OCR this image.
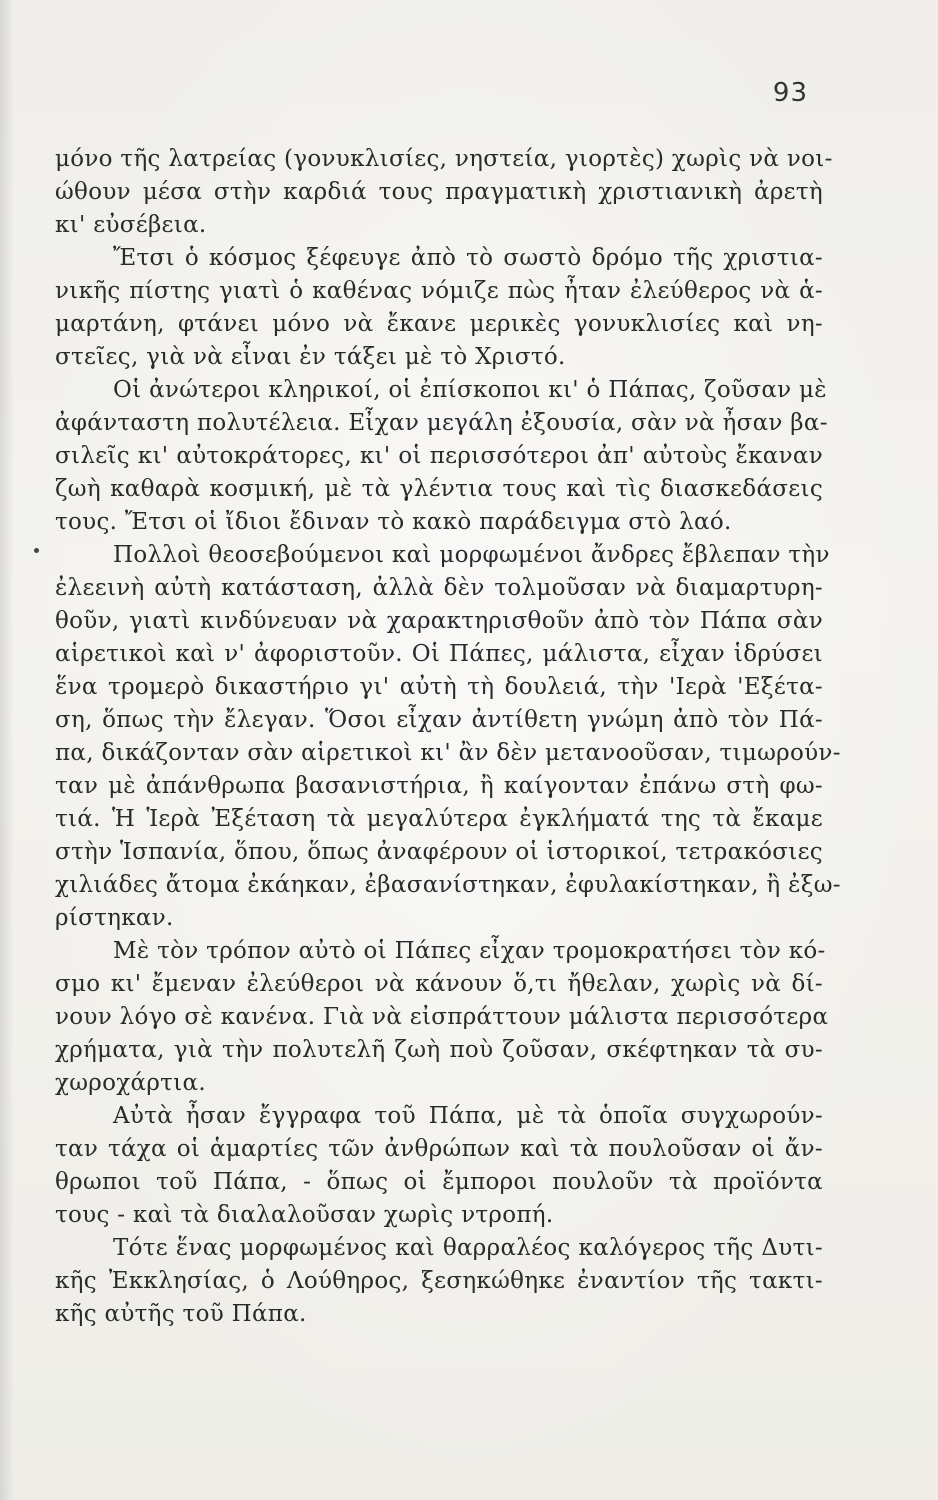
93
μόνο τῆς λατρείας (γονυκλισίες, νηστεία, γιορτὲς) χωρὶς νὰ νοι-
ώθουν μέσα στὴν καρδιά τους πραγματικὴ χριστιανικὴ ἀρετὴ
κι' εὐσέβεια.
Ἔτσι ὁ κόσμος ξέφευγε ἀπὸ τὸ σωστὸ δρόμο τῆς χριστια-
νικῆς πίστης γιατὶ ὁ καθένας νόμιζε πὼς ἦταν ἐλεύθερος νὰ ἁ-
μαρτάνη, φτάνει μόνο νὰ ἔκανε μερικὲς γονυκλισίες καὶ νη-
στεῖες, γιὰ νὰ εἶναι ἐν τάξει μὲ τὸ Χριστό.
Οἱ ἀνώτεροι κληρικοί, οἱ ἐπίσκοποι κι' ὁ Πάπας, ζοῦσαν μὲ
ἀφάνταστη πολυτέλεια. Εἶχαν μεγάλη ἐξουσία, σὰν νὰ ἦσαν βα-
σιλεῖς κι' αὐτοκράτορες, κι' οἱ περισσότεροι ἀπ' αὐτοὺς ἔκαναν
ζωὴ καθαρὰ κοσμική, μὲ τὰ γλέντια τους καὶ τὶς διασκεδάσεις
τους. Ἔτσι οἱ ἴδιοι ἔδιναν τὸ κακὸ παράδειγμα στὸ λαό.
Πολλοὶ θεοσεβούμενοι καὶ μορφωμένοι ἄνδρες ἔβλεπαν τὴν
ἐλεεινὴ αὐτὴ κατάσταση, ἀλλὰ δὲν τολμοῦσαν νὰ διαμαρτυρη-
θοῦν, γιατὶ κινδύνευαν νὰ χαρακτηρισθοῦν ἀπὸ τὸν Πάπα σὰν
αἱρετικοὶ καὶ ν' ἀφοριστοῦν. Οἱ Πάπες, μάλιστα, εἶχαν ἱδρύσει
ἕνα τρομερὸ δικαστήριο γι' αὐτὴ τὴ δουλειά, τὴν 'Ιερὰ 'Εξέτα-
ση, ὅπως τὴν ἔλεγαν. Ὅσοι εἶχαν ἀντίθετη γνώμη ἀπὸ τὸν Πά-
πα, δικάζονταν σὰν αἱρετικοὶ κι' ἂν δὲν μετανοοῦσαν, τιμωρούν-
ταν μὲ ἀπάνθρωπα βασανιστήρια, ἢ καίγονταν ἐπάνω στὴ φω-
τιά. Ἡ Ἱερὰ Ἐξέταση τὰ μεγαλύτερα ἐγκλήματά της τὰ ἔκαμε
στὴν Ἱσπανία, ὅπου, ὅπως ἀναφέρουν οἱ ἱστορικοί, τετρακόσιες
χιλιάδες ἄτομα ἐκάηκαν, ἐβασανίστηκαν, ἐφυλακίστηκαν, ἢ ἐξω-
ρίστηκαν.
Μὲ τὸν τρόπον αὐτὸ οἱ Πάπες εἶχαν τρομοκρατήσει τὸν κό-
σμο κι' ἔμεναν ἐλεύθεροι νὰ κάνουν ὅ,τι ἤθελαν, χωρὶς νὰ δί-
νουν λόγο σὲ κανένα. Γιὰ νὰ εἰσπράττουν μάλιστα περισσότερα
χρήματα, γιὰ τὴν πολυτελῆ ζωὴ ποὺ ζοῦσαν, σκέφτηκαν τὰ συ-
χωροχάρτια.
Αὐτὰ ἦσαν ἔγγραφα τοῦ Πάπα, μὲ τὰ ὁποῖα συγχωρούν-
ταν τάχα οἱ ἁμαρτίες τῶν ἀνθρώπων καὶ τὰ πουλοῦσαν οἱ ἄν-
θρωποι τοῦ Πάπα, - ὅπως οἱ ἔμποροι πουλοῦν τὰ προϊόντα
τους - καὶ τὰ διαλαλοῦσαν χωρὶς ντροπή.
Τότε ἕνας μορφωμένος καὶ θαρραλέος καλόγερος τῆς Δυτι-
κῆς Ἐκκλησίας, ὁ Λούθηρος, ξεσηκώθηκε ἐναντίον τῆς τακτι-
κῆς αὐτῆς τοῦ Πάπα.
